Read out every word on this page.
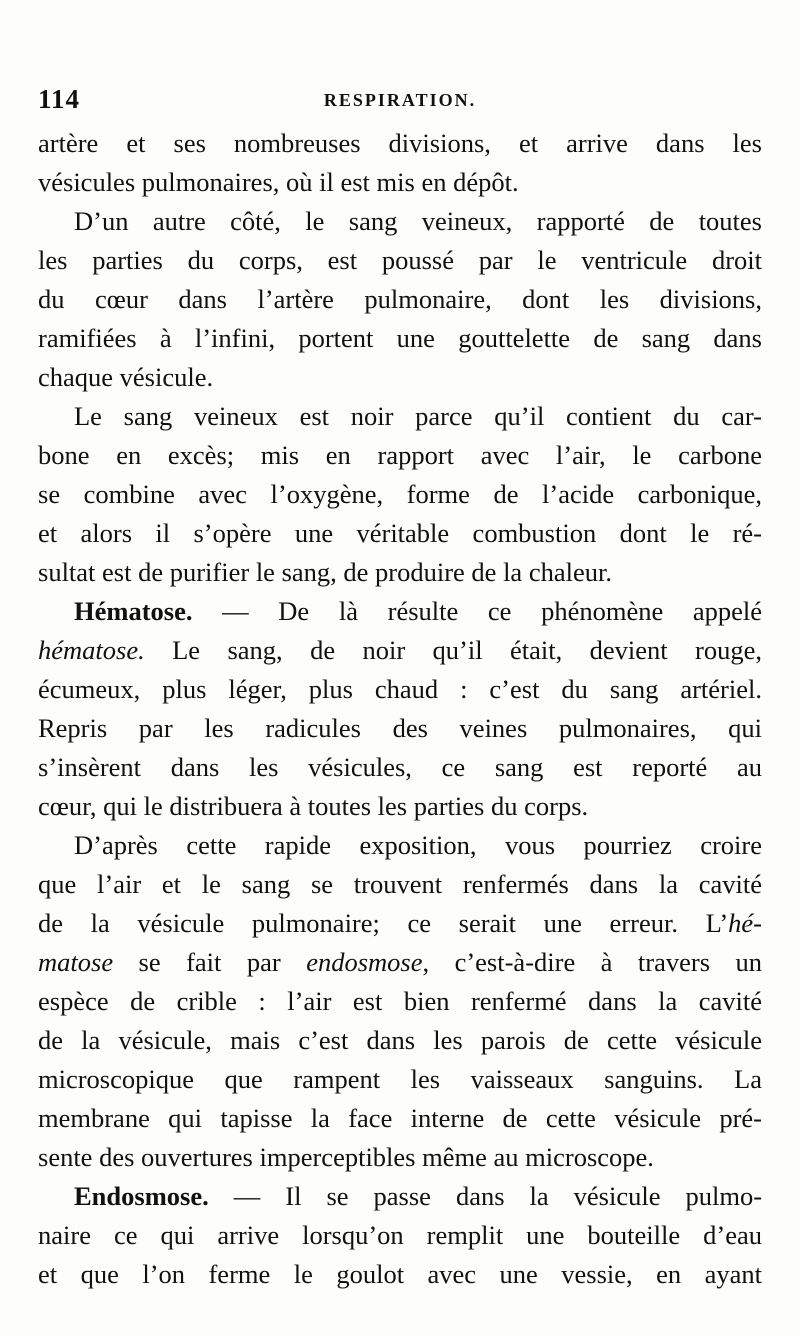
114	RESPIRATION.

artère et ses nombreuses divisions, et arrive dans les

vésicules pulmonaires, où il est mis en dépôt.

D’un autre côté, le sang veineux, rapporté de toutes

les parties du corps, est poussé par le ventricule droit

du cœur dans l’artère pulmonaire, dont les divisions,

ramifiées à l’infini, portent une gouttelette de sang dans

chaque vésicule.

Le sang veineux est noir parce qu’il contient du car-

bone en excès; mis en rapport avec l’air, le carbone

se combine avec l’oxygène, forme de l’acide carbonique,

et alors il s’opère une véritable combustion dont le ré-

sultat est de purifier le sang, de produire de la chaleur.

Hématose. — De là résulte ce phénomène appelé

hématose. Le sang, de noir qu’il était, devient rouge,

écumeux, plus léger, plus chaud : c’est du sang artériel.

Repris par les radicules des veines pulmonaires, qui

s’insèrent dans les vésicules, ce sang est reporté au

cœur, qui le distribuera à toutes les parties du corps.

D’après cette rapide exposition, vous pourriez croire

que l’air et le sang se trouvent renfermés dans la cavité

de la vésicule pulmonaire; ce serait une erreur. L’hé-

matose se fait par endosmose, c’est-à-dire à travers un

espèce de crible : l’air est bien renfermé dans la cavité

de la vésicule, mais c’est dans les parois de cette vésicule

microscopique que rampent les vaisseaux sanguins. La

membrane qui tapisse la face interne de cette vésicule pré-

sente des ouvertures imperceptibles même au microscope.

Endosmose. — Il se passe dans la vésicule pulmo-

naire ce qui arrive lorsqu’on remplit une bouteille d’eau

et que l’on ferme le goulot avec une vessie, en ayant
